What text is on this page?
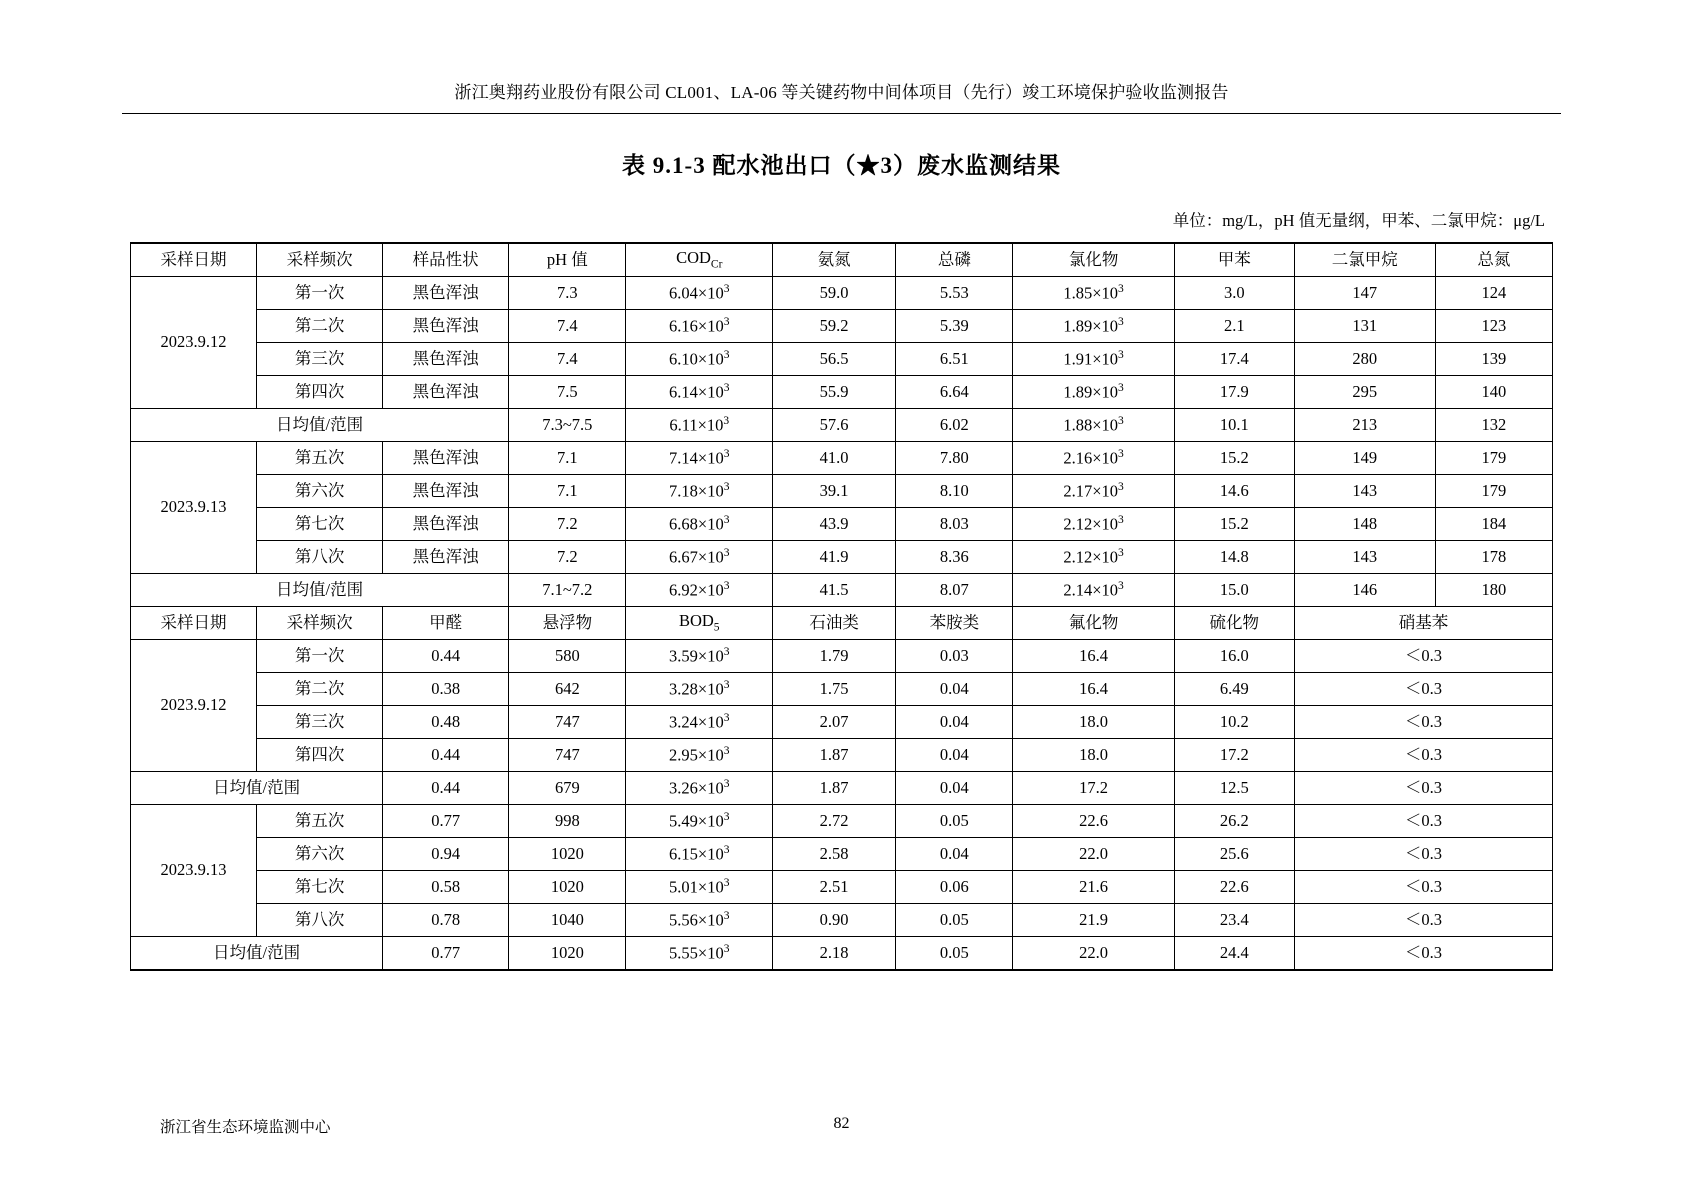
浙江奥翔药业股份有限公司 CL001、LA-06 等关键药物中间体项目（先行）竣工环境保护验收监测报告
表 9.1-3 配水池出口（★3）废水监测结果
单位：mg/L，pH 值无量纲，甲苯、二氯甲烷：μg/L
采样日期	采样频次	样品性状	pH 值	$COD_{Cr}$	氨氮	总磷	氯化物	甲苯	二氯甲烷	总氮
2023.9.12	第一次	黑色浑浊	7.3	$6.04\times 10^3$	59.0	5.53	$1.85\times 10^3$	3.0	147	124
	第二次	黑色浑浊	7.4	$6.16\times 10^3$	59.2	5.39	$1.89\times 10^3$	2.1	131	123
	第三次	黑色浑浊	7.4	$6.10\times 10^3$	56.5	6.51	$1.91\times 10^3$	17.4	280	139
	第四次	黑色浑浊	7.5	$6.14\times 10^3$	55.9	6.64	$1.89\times 10^3$	17.9	295	140
日均值/范围			7.3~7.5	$6.11\times 10^3$	57.6	6.02	$1.88\times 10^3$	10.1	213	132
2023.9.13	第五次	黑色浑浊	7.1	$7.14\times 10^3$	41.0	7.80	$2.16\times 10^3$	15.2	149	179
	第六次	黑色浑浊	7.1	$7.18\times 10^3$	39.1	8.10	$2.17\times 10^3$	14.6	143	179
	第七次	黑色浑浊	7.2	$6.68\times 10^3$	43.9	8.03	$2.12\times 10^3$	15.2	148	184
	第八次	黑色浑浊	7.2	$6.67\times 10^3$	41.9	8.36	$2.12\times 10^3$	14.8	143	178
日均值/范围			7.1~7.2	$6.92\times 10^3$	41.5	8.07	$2.14\times 10^3$	15.0	146	180
采样日期	采样频次	甲醛	悬浮物	$BOD_5$	石油类	苯胺类	氟化物	硫化物	硝基苯	
2023.9.12	第一次	0.44	580	$3.59\times 10^3$	1.79	0.03	16.4	16.0	＜0.3	
	第二次	0.38	642	$3.28\times 10^3$	1.75	0.04	16.4	6.49	＜0.3	
	第三次	0.48	747	$3.24\times 10^3$	2.07	0.04	18.0	10.2	＜0.3	
	第四次	0.44	747	$2.95\times 10^3$	1.87	0.04	18.0	17.2	＜0.3	
日均值/范围		0.44	679	$3.26\times 10^3$	1.87	0.04	17.2	12.5	＜0.3	
2023.9.13	第五次	0.77	998	$5.49\times 10^3$	2.72	0.05	22.6	26.2	＜0.3	
	第六次	0.94	1020	$6.15\times 10^3$	2.58	0.04	22.0	25.6	＜0.3	
	第七次	0.58	1020	$5.01\times 10^3$	2.51	0.06	21.6	22.6	＜0.3	
	第八次	0.78	1040	$5.56\times 10^3$	0.90	0.05	21.9	23.4	＜0.3	
日均值/范围		0.77	1020	$5.55\times 10^3$	2.18	0.05	22.0	24.4	＜0.3	
浙江省生态环境监测中心	82
